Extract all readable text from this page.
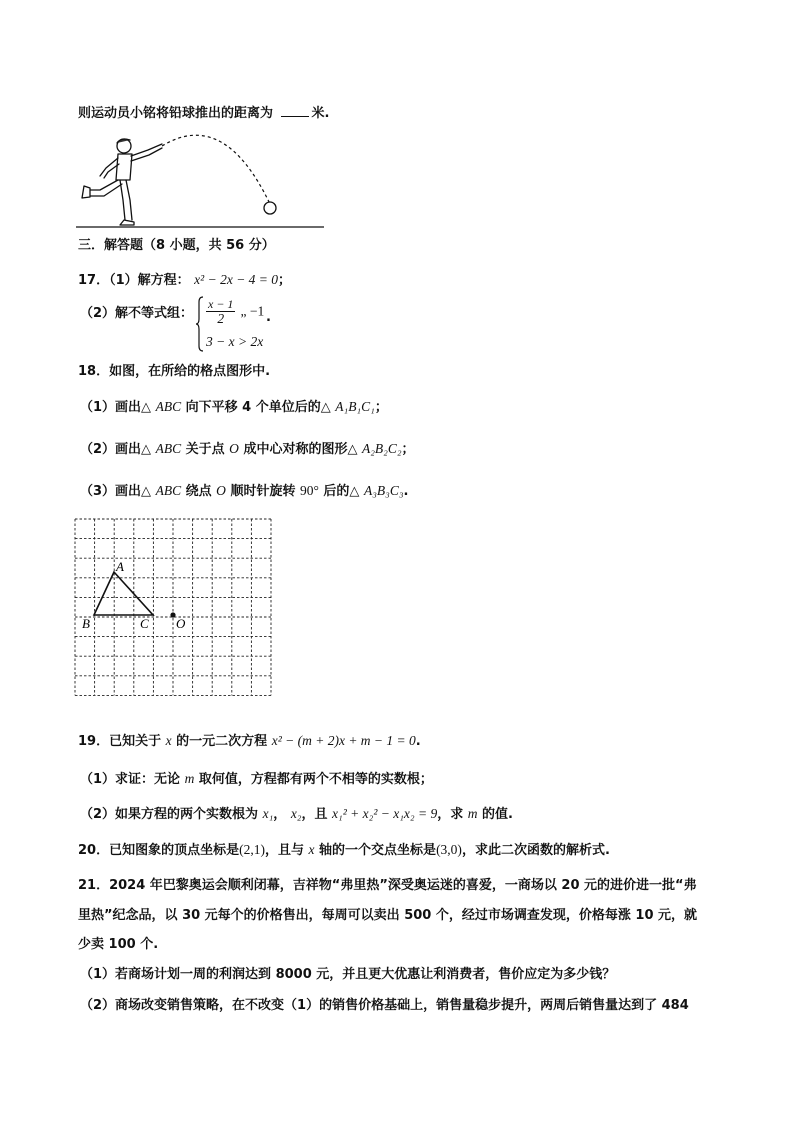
则运动员小铭将铅球推出的距离为	米.
三．解答题（8 小题，共 56 分）
17．（1）解方程： x² − 2x − 4 = 0；
（2）解不等式组： $\frac{x - 1}{2}$ „ −1
3 − x > 2x
.
18．如图，在所给的格点图形中.
（1）画出△ ABC 向下平移 4 个单位后的△ A₁B₁C₁；
（2）画出△ ABC 关于点 O 成中心对称的图形△ A₂B₂C₂；
（3）画出△ ABC 绕点 O 顺时针旋转 90° 后的△ A₃B₃C₃.
A
B	C O
19．已知关于 x 的一元二次方程 x² − (m + 2)x + m − 1 = 0.
（1）求证：无论 m 取何值，方程都有两个不相等的实数根；
（2）如果方程的两个实数根为 x₁， x₂，且 x₁² + x₂² − x₁x₂ = 9，求 m 的值.
20．已知图象的顶点坐标是(2,1)，且与 x 轴的一个交点坐标是(3,0)，求此二次函数的解析式.
21．2024 年巴黎奥运会顺利闭幕，吉祥物“弗里热”深受奥运迷的喜爱，一商场以 20 元的进价进一批“弗
里热”纪念品，以 30 元每个的价格售出，每周可以卖出 500 个，经过市场调查发现，价格每涨 10 元，就
少卖 100 个.
（1）若商场计划一周的利润达到 8000 元，并且更大优惠让利消费者，售价应定为多少钱？
（2）商场改变销售策略，在不改变（1）的销售价格基础上，销售量稳步提升，两周后销售量达到了 484
